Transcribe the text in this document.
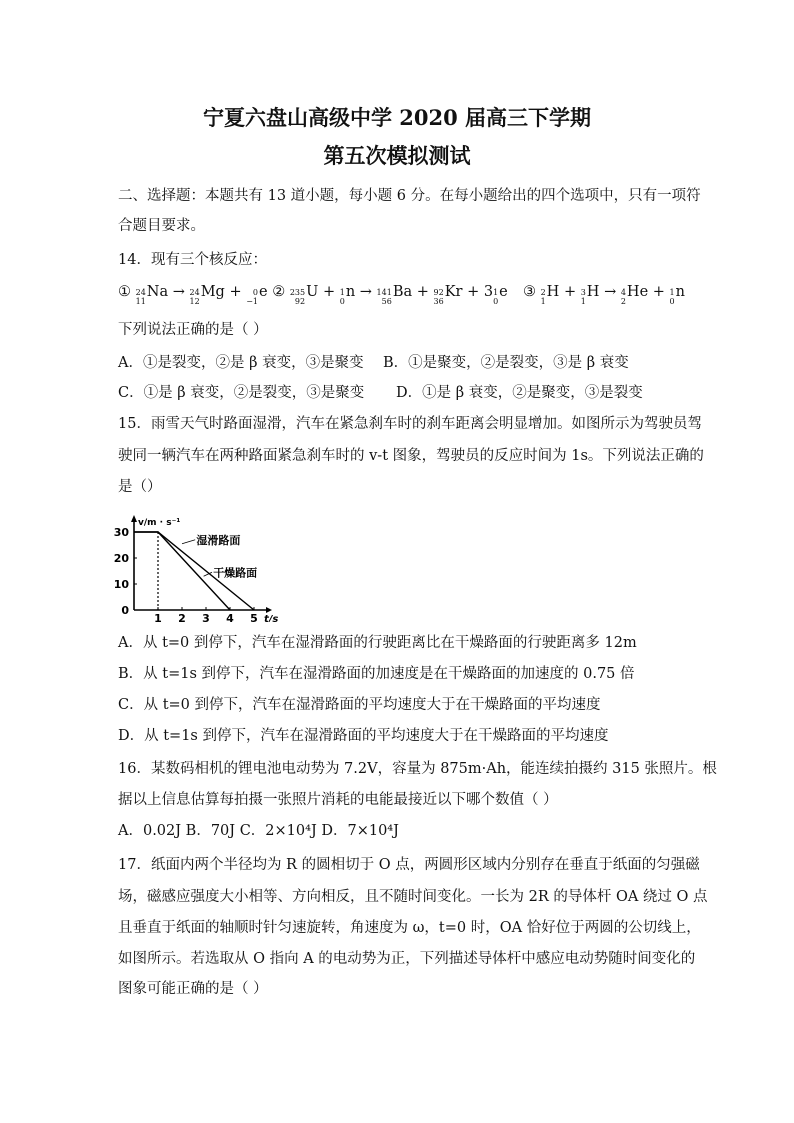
宁夏六盘山高级中学 2020 届高三下学期
第五次模拟测试
二、选择题：本题共有 13 道小题，每小题 6 分。在每小题给出的四个选项中，只有一项符
合题目要求。
14．现有三个核反应：
① 24
11
Na → 24
12
Mg +	0
−1
e ② 235
92
U + 1
0
n → 141
56
Ba + 92
36
Kr + 3 1
0
e ③ 2
1
H + 3
1
H → 4
2
He + 1
0
n
下列说法正确的是（ ）
A．①是裂变，②是 β 衰变，③是聚变 B．①是聚变，②是裂变，③是 β 衰变
C．①是 β 衰变，②是裂变，③是聚变 D．①是 β 衰变，②是聚变，③是裂变
15．雨雪天气时路面湿滑，汽车在紧急刹车时的刹车距离会明显增加。如图所示为驾驶员驾
驶同一辆汽车在两种路面紧急刹车时的 v-t 图象，驾驶员的反应时间为 1s。下列说法正确的
是（）
v/m · s⁻¹
t/s
0
10
20
30
1 2 3 4 5
湿滑路面
干燥路面
A．从 t=0 到停下，汽车在湿滑路面的行驶距离比在干燥路面的行驶距离多 12m
B．从 t=1s 到停下，汽车在湿滑路面的加速度是在干燥路面的加速度的 0.75 倍
C．从 t=0 到停下，汽车在湿滑路面的平均速度大于在干燥路面的平均速度
D．从 t=1s 到停下，汽车在湿滑路面的平均速度大于在干燥路面的平均速度
16．某数码相机的锂电池电动势为 7.2V，容量为 875m·Ah，能连续拍摄约 315 张照片。根
据以上信息估算每拍摄一张照片消耗的电能最接近以下哪个数值（ ）
A．0.02J B．70J C．2×10⁴J D．7×10⁴J
17．纸面内两个半径均为 R 的圆相切于 O 点，两圆形区域内分别存在垂直于纸面的匀强磁
场，磁感应强度大小相等、方向相反，且不随时间变化。一长为 2R 的导体杆 OA 绕过 O 点
且垂直于纸面的轴顺时针匀速旋转，角速度为 ω，t=0 时，OA 恰好位于两圆的公切线上，
如图所示。若选取从 O 指向 A 的电动势为正，下列描述导体杆中感应电动势随时间变化的
图象可能正确的是（ ）
